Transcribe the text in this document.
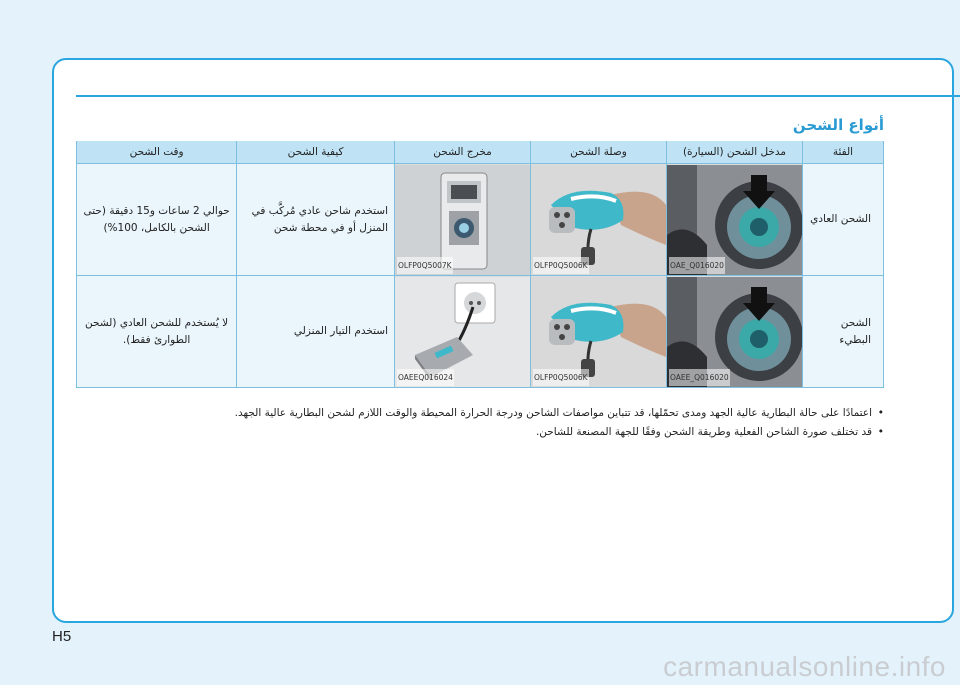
أنواع الشحن
الفئة	مدخل الشحن (السيارة)	وصلة الشحن	مخرج الشحن	كيفية الشحن	وقت الشحن
الشحن العادي	OAE_Q016020	OLFP0Q5006K	OLFP0Q5007K	استخدم شاحن عادي مُركَّب في المنزل أو في محطة شحن	حوالي 2 ساعات و15 دقيقة (حتى الشحن بالكامل، 100%)
الشحن البطيء	OAEE_Q016020	OLFP0Q5006K	OAEEQ016024	استخدم التيار المنزلي	لا يُستخدم للشحن العادي (لشحن الطوارئ فقط).
• اعتمادًا على حالة البطارية عالية الجهد ومدى تحمّلها، قد تتباين مواصفات الشاحن ودرجة الحرارة المحيطة والوقت اللازم لشحن البطارية عالية الجهد.
• قد تختلف صورة الشاحن الفعلية وطريقة الشحن وفقًا للجهة المصنعة للشاحن.
H5
carmanualsonline.info
